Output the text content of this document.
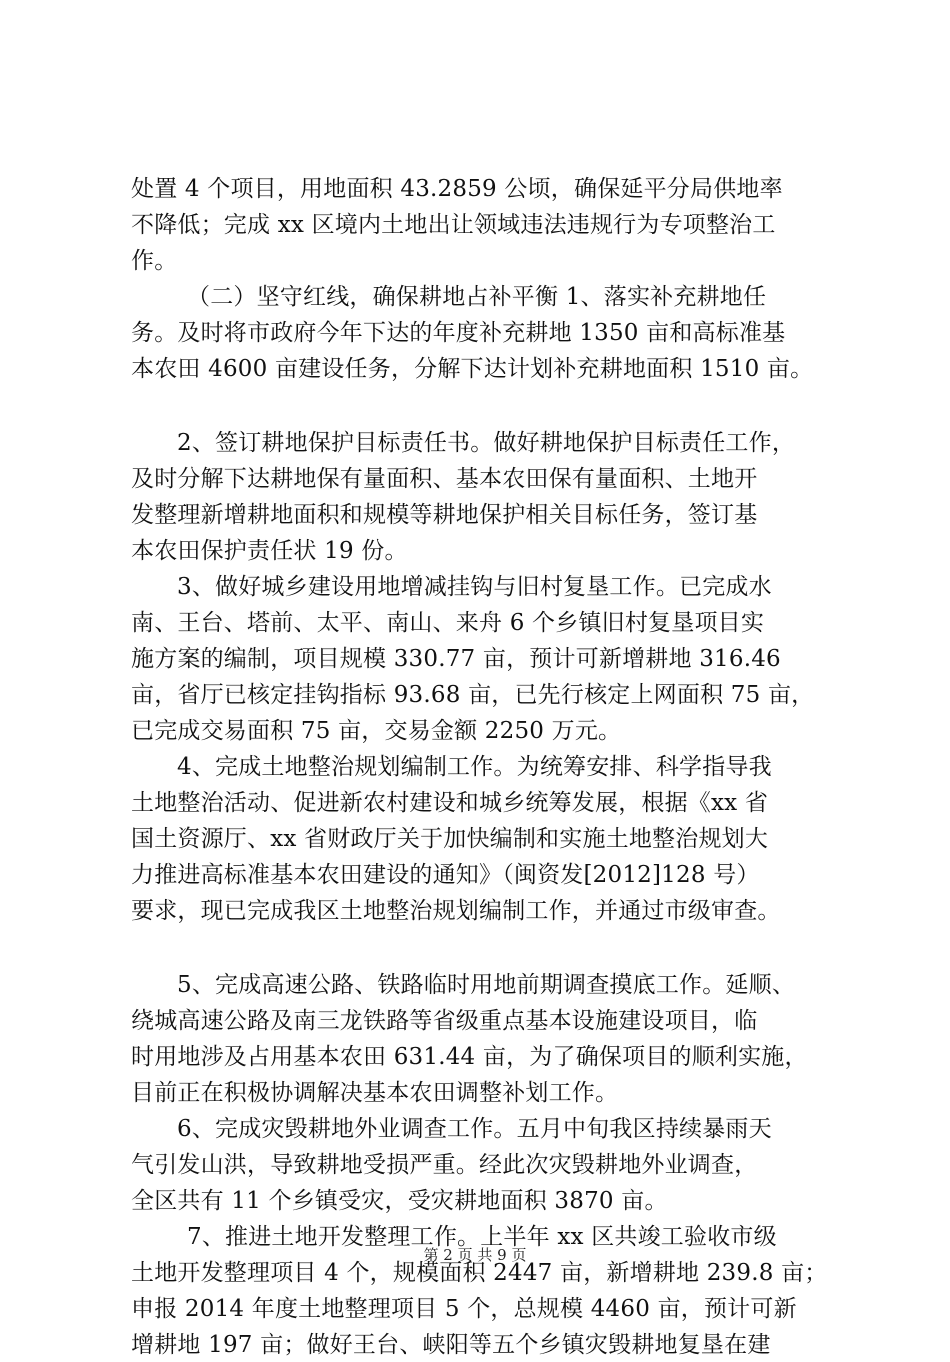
处置 4 个项目，用地面积 43.2859 公顷，确保延平分局供地率
不降低；完成 xx 区境内土地出让领域违法违规行为专项整治工
作。
（二）坚守红线，确保耕地占补平衡 1、落实补充耕地任
务。及时将市政府今年下达的年度补充耕地 1350 亩和高标准基
本农田 4600 亩建设任务，分解下达计划补充耕地面积 1510 亩。
2、签订耕地保护目标责任书。做好耕地保护目标责任工作，
及时分解下达耕地保有量面积、基本农田保有量面积、土地开
发整理新增耕地面积和规模等耕地保护相关目标任务，签订基
本农田保护责任状 19 份。
3、做好城乡建设用地增减挂钩与旧村复垦工作。已完成水
南、王台、塔前、太平、南山、来舟 6 个乡镇旧村复垦项目实
施方案的编制，项目规模 330.77 亩，预计可新增耕地 316.46
亩，省厅已核定挂钩指标 93.68 亩，已先行核定上网面积 75 亩，
已完成交易面积 75 亩，交易金额 2250 万元。
4、完成土地整治规划编制工作。为统筹安排、科学指导我
土地整治活动、促进新农村建设和城乡统筹发展，根据《xx 省
国土资源厅、xx 省财政厅关于加快编制和实施土地整治规划大
力推进高标准基本农田建设的通知》（闽资发[2012]128 号）
要求，现已完成我区土地整治规划编制工作，并通过市级审查。
5、完成高速公路、铁路临时用地前期调查摸底工作。延顺、
绕城高速公路及南三龙铁路等省级重点基本设施建设项目，临
时用地涉及占用基本农田 631.44 亩，为了确保项目的顺利实施，
目前正在积极协调解决基本农田调整补划工作。
6、完成灾毁耕地外业调查工作。五月中旬我区持续暴雨天
气引发山洪，导致耕地受损严重。经此次灾毁耕地外业调查，
全区共有 11 个乡镇受灾，受灾耕地面积 3870 亩。
7、推进土地开发整理工作。上半年 xx 区共竣工验收市级
土地开发整理项目 4 个，规模面积 2447 亩，新增耕地 239.8 亩；
申报 2014 年度土地整理项目 5 个，总规模 4460 亩，预计可新
增耕地 197 亩；做好王台、峡阳等五个乡镇灾毁耕地复垦在建
第 2 页 共 9 页
